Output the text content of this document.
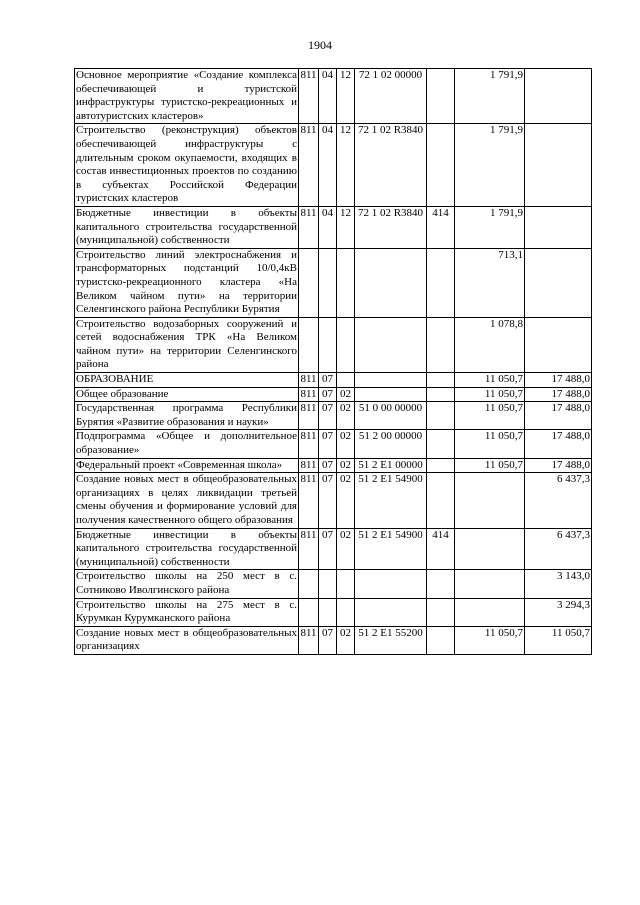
1904
Основное мероприятие «Создание комплекса обеспечивающей и туристской инфраструктуры туристско-рекреационных и автотуристских кластеров»	811	04	12	72 1 02 00000		1 791,9	
Строительство (реконструкция) объектов обеспечивающей инфраструктуры с длительным сроком окупаемости, входящих в состав инвестиционных проектов по созданию в субъектах Российской Федерации туристских кластеров	811	04	12	72 1 02 R3840		1 791,9	
Бюджетные инвестиции в объекты капитального строительства государственной (муниципальной) собственности	811	04	12	72 1 02 R3840	414	1 791,9	
Строительство линий электроснабжения и трансформаторных подстанций 10/0,4кВ туристско-рекреационного кластера «На Великом чайном пути» на территории Селенгинского района Республики Бурятия						713,1	
Строительство водозаборных сооружений и сетей водоснабжения ТРК «На Великом чайном пути» на территории Селенгинского района						1 078,8	
ОБРАЗОВАНИЕ	811	07				11 050,7	17 488,0
Общее образование	811	07	02			11 050,7	17 488,0
Государственная программа Республики Бурятия «Развитие образования и науки»	811	07	02	51 0 00 00000		11 050,7	17 488,0
Подпрограмма «Общее и дополнительное образование»	811	07	02	51 2 00 00000		11 050,7	17 488,0
Федеральный проект «Современная школа»	811	07	02	51 2 E1 00000		11 050,7	17 488,0
Создание новых мест в общеобразовательных организациях в целях ликвидации третьей смены обучения и формирование условий для получения качественного общего образования	811	07	02	51 2 E1 54900			6 437,3
Бюджетные инвестиции в объекты капитального строительства государственной (муниципальной) собственности	811	07	02	51 2 E1 54900	414		6 437,3
Строительство школы на 250 мест в с. Сотниково Иволгинского района							3 143,0
Строительство школы на 275 мест в с. Курумкан Курумканского района							3 294,3
Создание новых мест в общеобразовательных организациях	811	07	02	51 2 E1 55200		11 050,7	11 050,7
